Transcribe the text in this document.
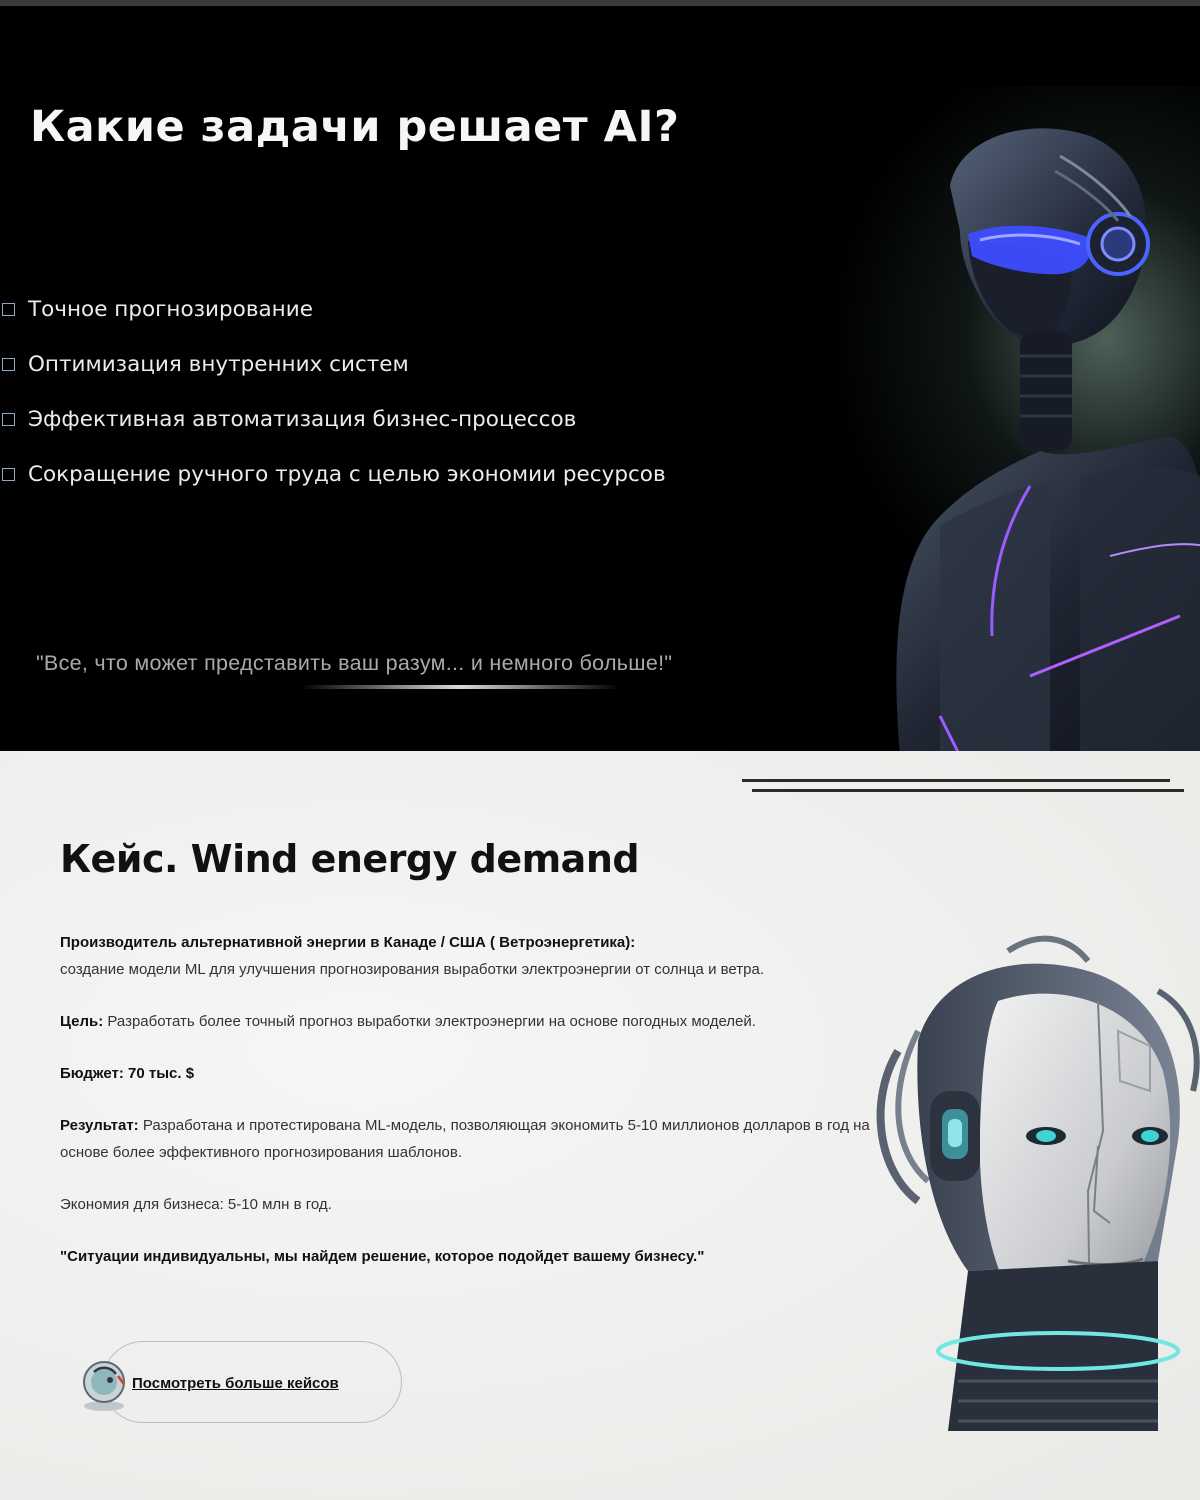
Какие задачи решает AI?
Точное прогнозирование
Оптимизация внутренних систем
Эффективная автоматизация бизнес-процессов
Сокращение ручного труда с целью экономии ресурсов
"Все, что может представить ваш разум... и немного больше!"
Кейс. Wind energy demand

Производитель альтернативной энергии в Канаде / США ( Ветроэнергетика):
создание модели ML для улучшения прогнозирования выработки электроэнергии от солнца и ветра.

Цель: Разработать более точный прогноз выработки электроэнергии на основе погодных моделей.

Бюджет: 70 тыс. $

Результат: Разработана и протестирована ML-модель, позволяющая экономить 5-10 миллионов долларов в год на основе более эффективного прогнозирования шаблонов.

Экономия для бизнеса: 5-10 млн в год.

"Ситуации индивидуальны, мы найдем решение, которое подойдет вашему бизнесу."

Посмотреть больше кейсов
